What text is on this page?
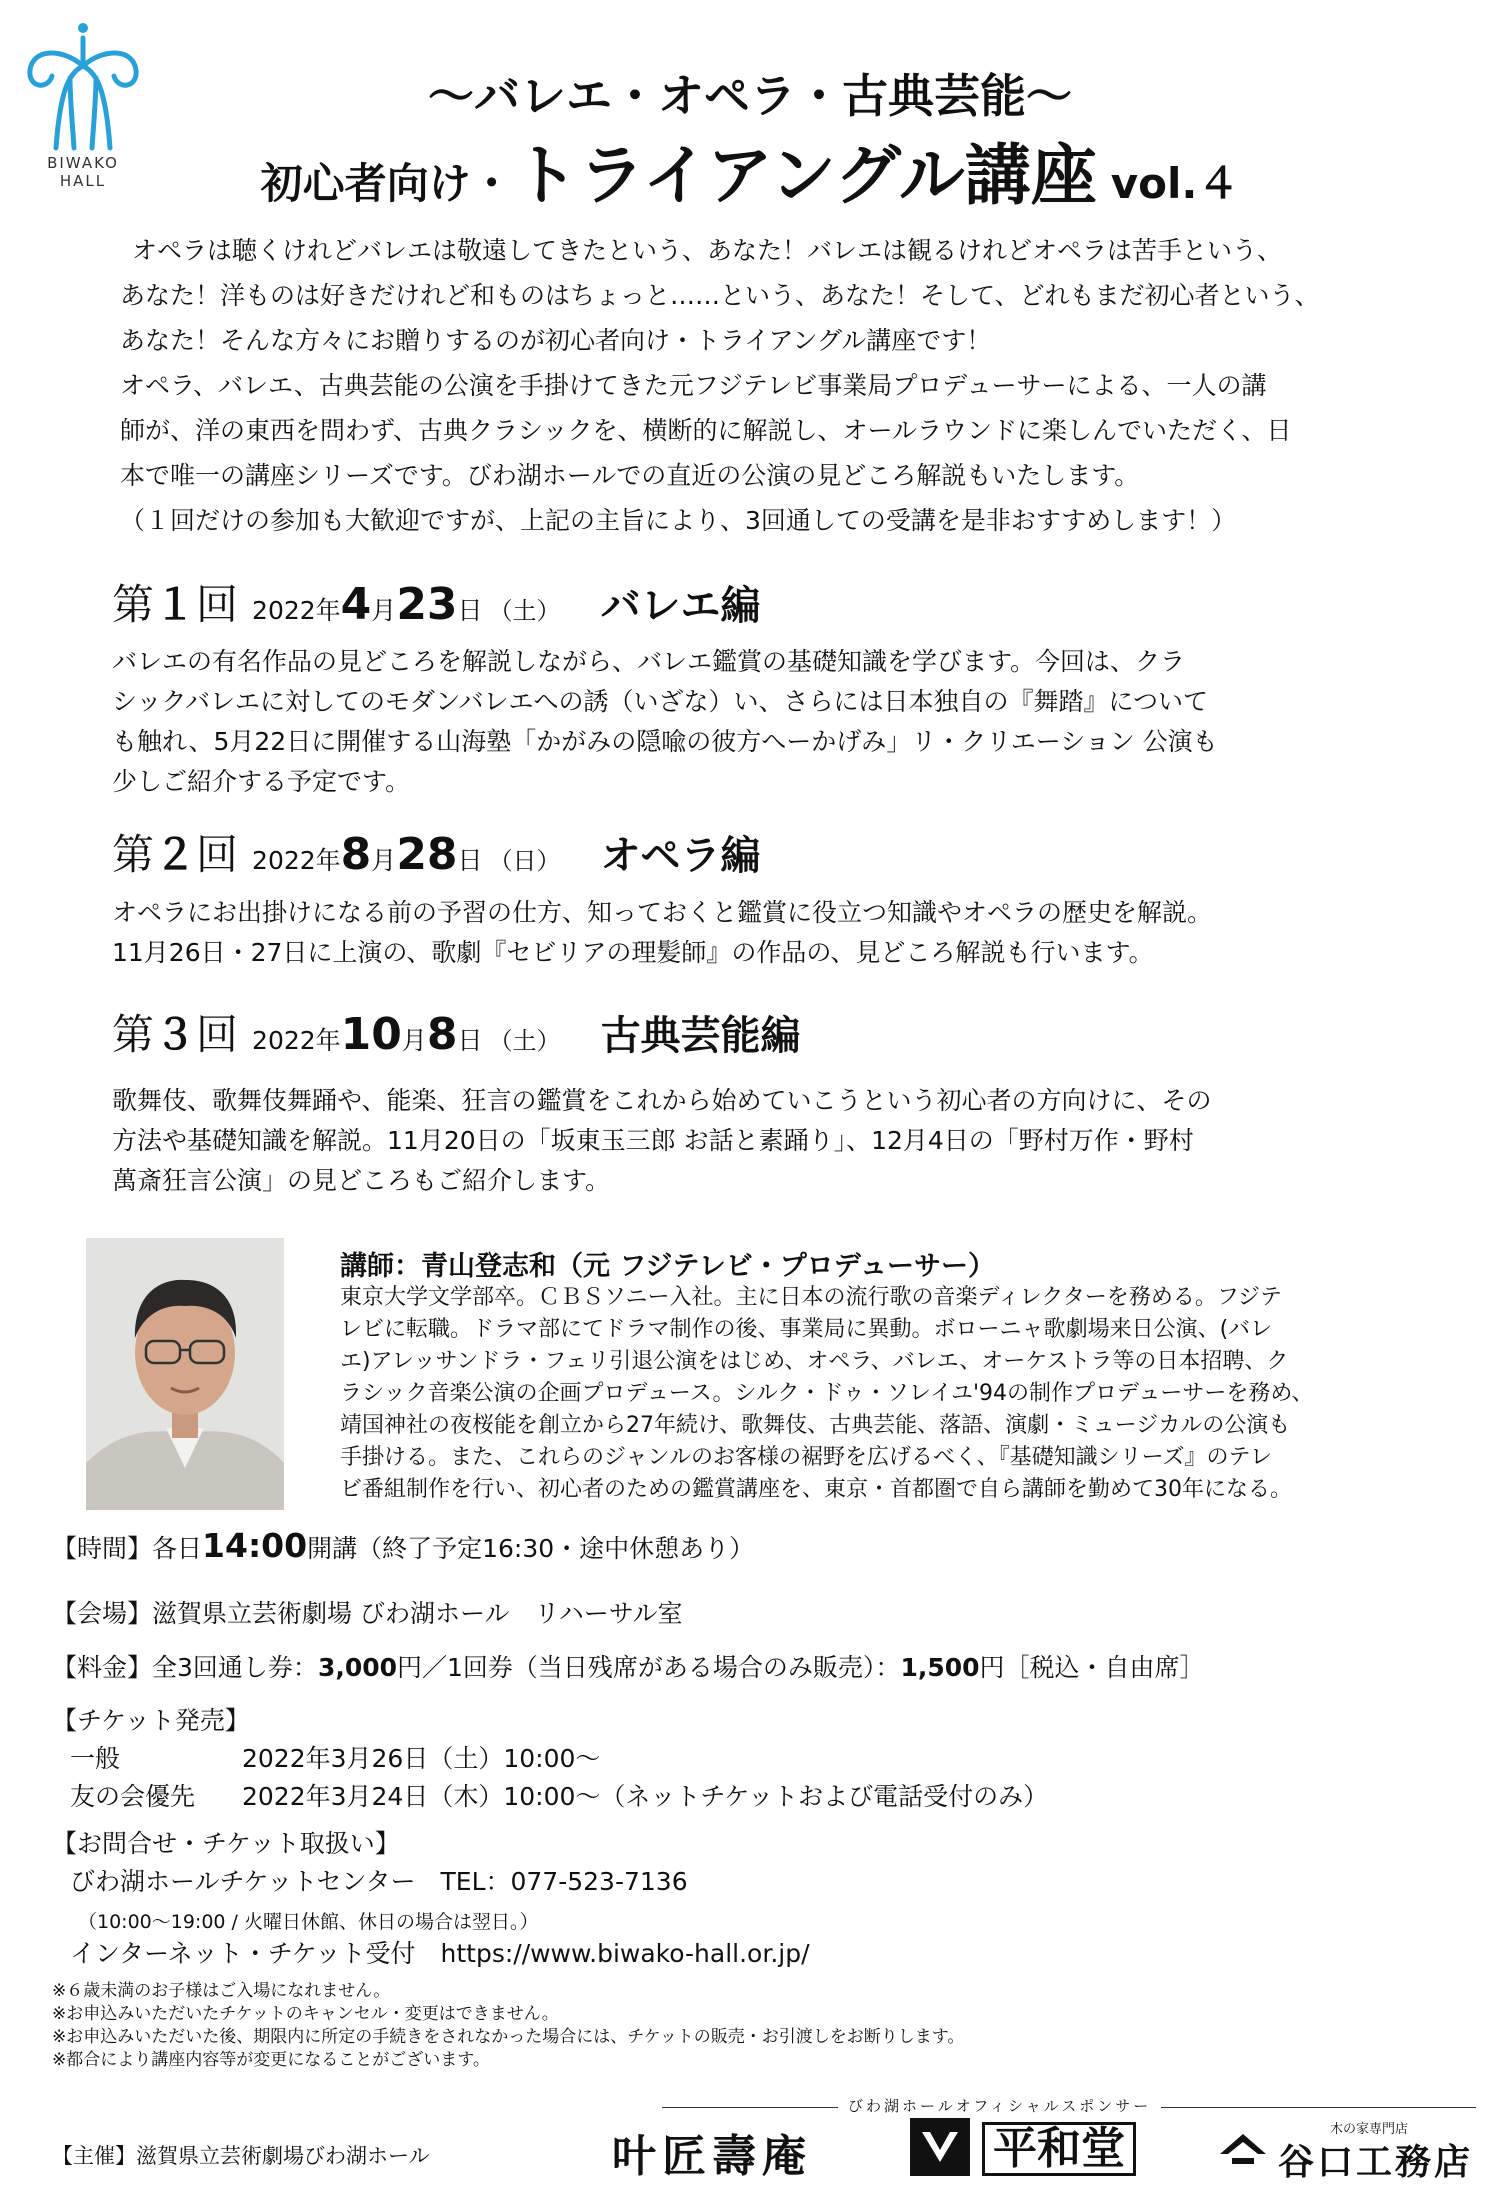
BIWAKO
HALL
〜バレエ・オペラ・古典芸能〜
初心者向け・トライアングル講座 vol.４

オペラは聴くけれどバレエは敬遠してきたという、あなた！バレエは観るけれどオペラは苦手という、

あなた！洋ものは好きだけれど和ものはちょっと……という、あなた！そして、どれもまだ初心者という、

あなた！そんな方々にお贈りするのが初心者向け・トライアングル講座です！

オペラ、バレエ、古典芸能の公演を手掛けてきた元フジテレビ事業局プロデューサーによる、一人の講

師が、洋の東西を問わず、古典クラシックを、横断的に解説し、オールラウンドに楽しんでいただく、日

本で唯一の講座シリーズです。びわ湖ホールでの直近の公演の見どころ解説もいたします。

（１回だけの参加も大歓迎ですが、上記の主旨により、3回通しての受講を是非おすすめします！）

第１回 2022年4月23日 （土） バレエ編

バレエの有名作品の見どころを解説しながら、バレエ鑑賞の基礎知識を学びます。今回は、クラ

シックバレエに対してのモダンバレエへの誘（いざな）い、さらには日本独自の『舞踏』について

も触れ、5月22日に開催する山海塾「かがみの隠喩の彼方へーかげみ」リ・クリエーション 公演も

少しご紹介する予定です。

第２回 2022年8月28日 （日） オペラ編

オペラにお出掛けになる前の予習の仕方、知っておくと鑑賞に役立つ知識やオペラの歴史を解説。

11月26日・27日に上演の、歌劇『セビリアの理髪師』の作品の、見どころ解説も行います。

第３回 2022年10月8日 （土） 古典芸能編

歌舞伎、歌舞伎舞踊や、能楽、狂言の鑑賞をこれから始めていこうという初心者の方向けに、その

方法や基礎知識を解説。11月20日の「坂東玉三郎 お話と素踊り」、12月4日の「野村万作・野村

萬斎狂言公演」の見どころもご紹介します。

講師：青山登志和（元 フジテレビ・プロデューサー）

東京大学文学部卒。ＣＢＳソニー入社。主に日本の流行歌の音楽ディレクターを務める。フジテ

レビに転職。ドラマ部にてドラマ制作の後、事業局に異動。ボローニャ歌劇場来日公演、(バレ

エ)アレッサンドラ・フェリ引退公演をはじめ、オペラ、バレエ、オーケストラ等の日本招聘、ク

ラシック音楽公演の企画プロデュース。シルク・ドゥ・ソレイユ'94の制作プロデューサーを務め、

靖国神社の夜桜能を創立から27年続け、歌舞伎、古典芸能、落語、演劇・ミュージカルの公演も

手掛ける。また、これらのジャンルのお客様の裾野を広げるべく、『基礎知識シリーズ』のテレ

ビ番組制作を行い、初心者のための鑑賞講座を、東京・首都圏で自ら講師を勤めて30年になる。

【時間】各日14:00開講（終了予定16:30・途中休憩あり）
【会場】滋賀県立芸術劇場 びわ湖ホール　リハーサル室
【料金】全3回通し券：3,000円／1回券（当日残席がある場合のみ販売）：1,500円［税込・自由席］
【チケット発売】
一般	2022年3月26日（土）10:00〜
友の会優先 2022年3月24日（木）10:00〜（ネットチケットおよび電話受付のみ）
【お問合せ・チケット取扱い】
びわ湖ホールチケットセンター　TEL：077-523-7136
（10:00〜19:00 / 火曜日休館、休日の場合は翌日。）
インターネット・チケット受付　https://www.biwako-hall.or.jp/

※６歳未満のお子様はご入場になれません。

※お申込みいただいたチケットのキャンセル・変更はできません。

※お申込みいただいた後、期限内に所定の手続きをされなかった場合には、チケットの販売・お引渡しをお断りします。

※都合により講座内容等が変更になることがございます。

びわ湖ホールオフィシャルスポンサー
【主催】滋賀県立芸術劇場びわ湖ホール	叶匠壽庵	平和堂	木の家専門店
谷口工務店
